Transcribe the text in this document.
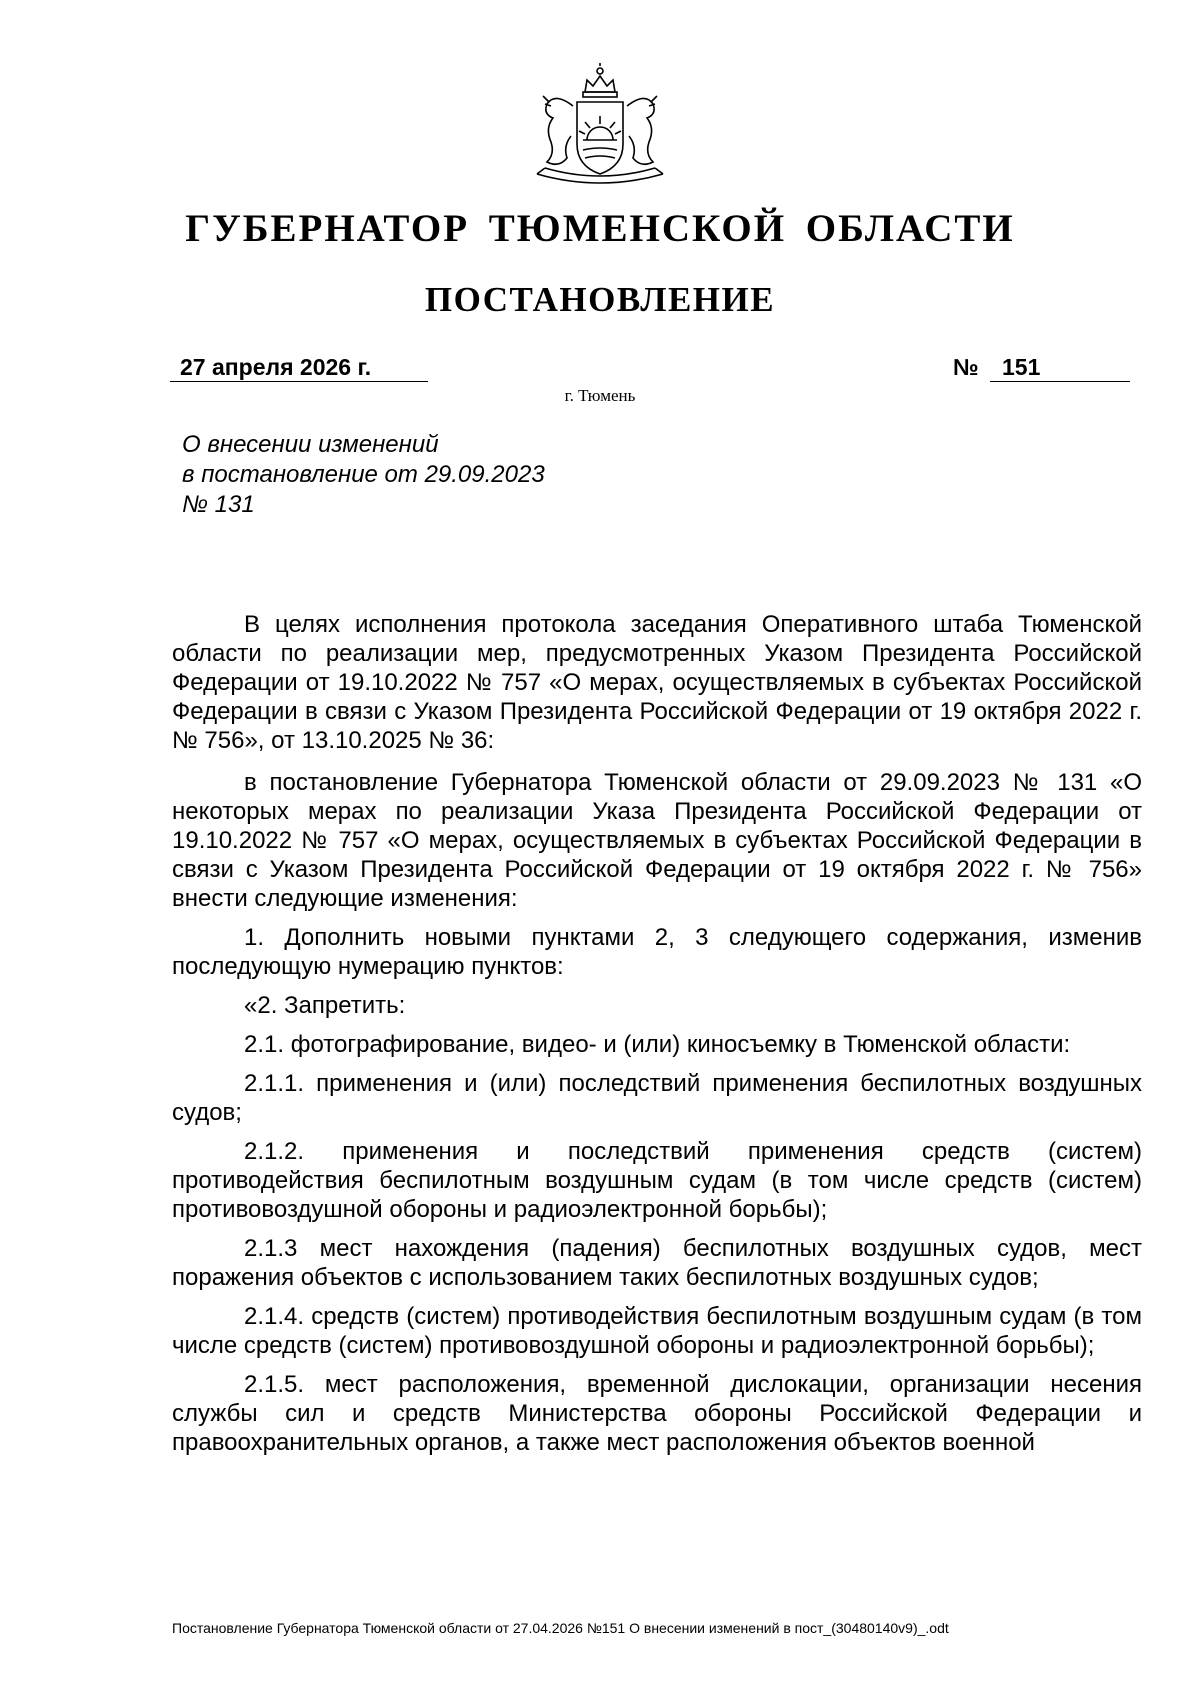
ГУБЕРНАТОР ТЮМЕНСКОЙ ОБЛАСТИ
ПОСТАНОВЛЕНИЕ
27 апреля 2026 г.	№	151
г. Тюмень
О внесении изменений
в постановление от 29.09.2023
№ 131

В целях исполнения протокола заседания Оперативного штаба Тюменской области по реализации мер, предусмотренных Указом Президента Российской Федерации от 19.10.2022 № 757 «О мерах, осуществляемых в субъектах Российской Федерации в связи с Указом Президента Российской Федерации от 19 октября 2022 г. № 756», от 13.10.2025 № 36:

в постановление Губернатора Тюменской области от 29.09.2023 № 131 «О некоторых мерах по реализации Указа Президента Российской Федерации от 19.10.2022 № 757 «О мерах, осуществляемых в субъектах Российской Федерации в связи с Указом Президента Российской Федерации от 19 октября 2022 г. № 756» внести следующие изменения:

1. Дополнить новыми пунктами 2, 3 следующего содержания, изменив последующую нумерацию пунктов:

«2. Запретить:

2.1. фотографирование, видео- и (или) киносъемку в Тюменской области:

2.1.1. применения и (или) последствий применения беспилотных воздушных судов;

2.1.2. применения и последствий применения средств (систем) противодействия беспилотным воздушным судам (в том числе средств (систем) противовоздушной обороны и радиоэлектронной борьбы);

2.1.3 мест нахождения (падения) беспилотных воздушных судов, мест поражения объектов с использованием таких беспилотных воздушных судов;

2.1.4. средств (систем) противодействия беспилотным воздушным судам (в том числе средств (систем) противовоздушной обороны и радиоэлектронной борьбы);

2.1.5. мест расположения, временной дислокации, организации несения службы сил и средств Министерства обороны Российской Федерации и правоохранительных органов, а также мест расположения объектов военной

Постановление Губернатора Тюменской области от 27.04.2026 №151 О внесении изменений в пост_(30480140v9)_.odt
